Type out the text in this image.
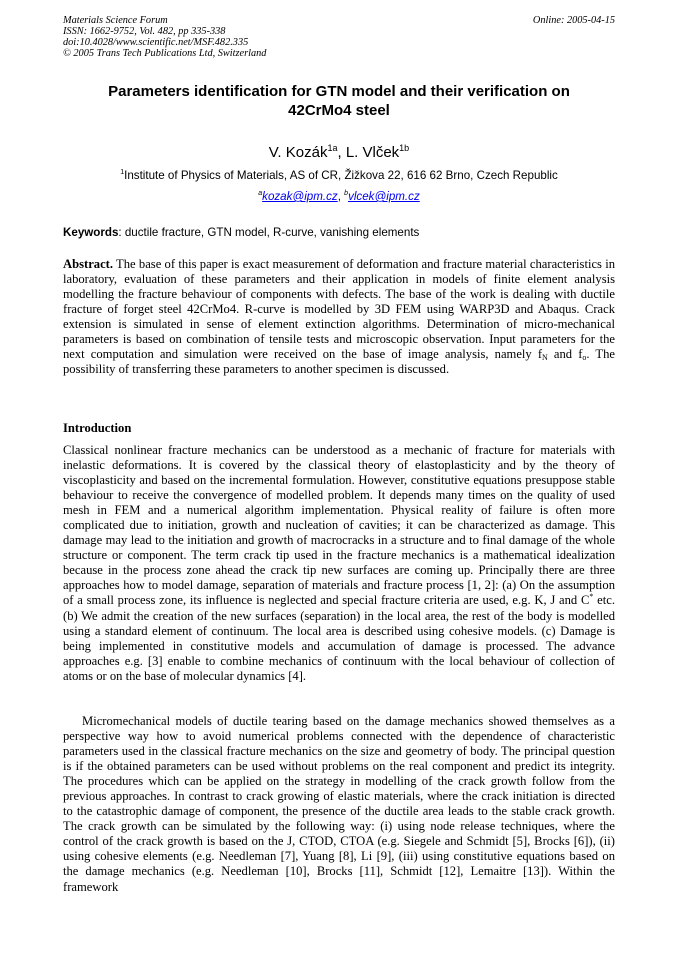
Materials Science Forum
ISSN: 1662-9752, Vol. 482, pp 335-338
doi:10.4028/www.scientific.net/MSF.482.335
© 2005 Trans Tech Publications Ltd, Switzerland
Online: 2005-04-15
Parameters identification for GTN model and their verification on
42CrMo4 steel
V. Kozák$^{1a}$, L. Vlček$^{1b}$
$^1$Institute of Physics of Materials, AS of CR, Žižkova 22, 616 62 Brno, Czech Republic
$^a$kozak@ipm.cz, $^b$vlcek@ipm.cz
Keywords: ductile fracture, GTN model, R-curve, vanishing elements
Abstract. The base of this paper is exact measurement of deformation and fracture material characteristics in laboratory, evaluation of these parameters and their application in models of finite element analysis modelling the fracture behaviour of components with defects. The base of the work is dealing with ductile fracture of forget steel 42CrMo4. R-curve is modelled by 3D FEM using WARP3D and Abaqus. Crack extension is simulated in sense of element extinction algorithms. Determination of micro-mechanical parameters is based on combination of tensile tests and microscopic observation. Input parameters for the next computation and simulation were received on the base of image analysis, namely $f_N$ and $f_o$. The possibility of transferring these parameters to another specimen is discussed.
Introduction
Classical nonlinear fracture mechanics can be understood as a mechanic of fracture for materials with inelastic deformations. It is covered by the classical theory of elastoplasticity and by the theory of viscoplasticity and based on the incremental formulation. However, constitutive equations presuppose stable behaviour to receive the convergence of modelled problem. It depends many times on the quality of used mesh in FEM and a numerical algorithm implementation. Physical reality of failure is often more complicated due to initiation, growth and nucleation of cavities; it can be characterized as damage. This damage may lead to the initiation and growth of macrocracks in a structure and to final damage of the whole structure or component. The term crack tip used in the fracture mechanics is a mathematical idealization because in the process zone ahead the crack tip new surfaces are coming up. Principally there are three approaches how to model damage, separation of materials and fracture process [1, 2]: (a) On the assumption of a small process zone, its influence is neglected and special fracture criteria are used, e.g. K, J and C* etc. (b) We admit the creation of the new surfaces (separation) in the local area, the rest of the body is modelled using a standard element of continuum. The local area is described using cohesive models. (c) Damage is being implemented in constitutive models and accumulation of damage is processed. The advance approaches e.g. [3] enable to combine mechanics of continuum with the local behaviour of collection of atoms or on the base of molecular dynamics [4].
Micromechanical models of ductile tearing based on the damage mechanics showed themselves as a perspective way how to avoid numerical problems connected with the dependence of characteristic parameters used in the classical fracture mechanics on the size and geometry of body. The principal question is if the obtained parameters can be used without problems on the real component and predict its integrity. The procedures which can be applied on the strategy in modelling of the crack growth follow from the previous approaches. In contrast to crack growing of elastic materials, where the crack initiation is directed to the catastrophic damage of component, the presence of the ductile area leads to the stable crack growth. The crack growth can be simulated by the following way: (i) using node release techniques, where the control of the crack growth is based on the J, CTOD, CTOA (e.g. Siegele and Schmidt [5], Brocks [6]), (ii) using cohesive elements (e.g. Needleman [7], Yuang [8], Li [9], (iii) using constitutive equations based on the damage mechanics (e.g. Needleman [10], Brocks [11], Schmidt [12], Lemaitre [13]). Within the framework
